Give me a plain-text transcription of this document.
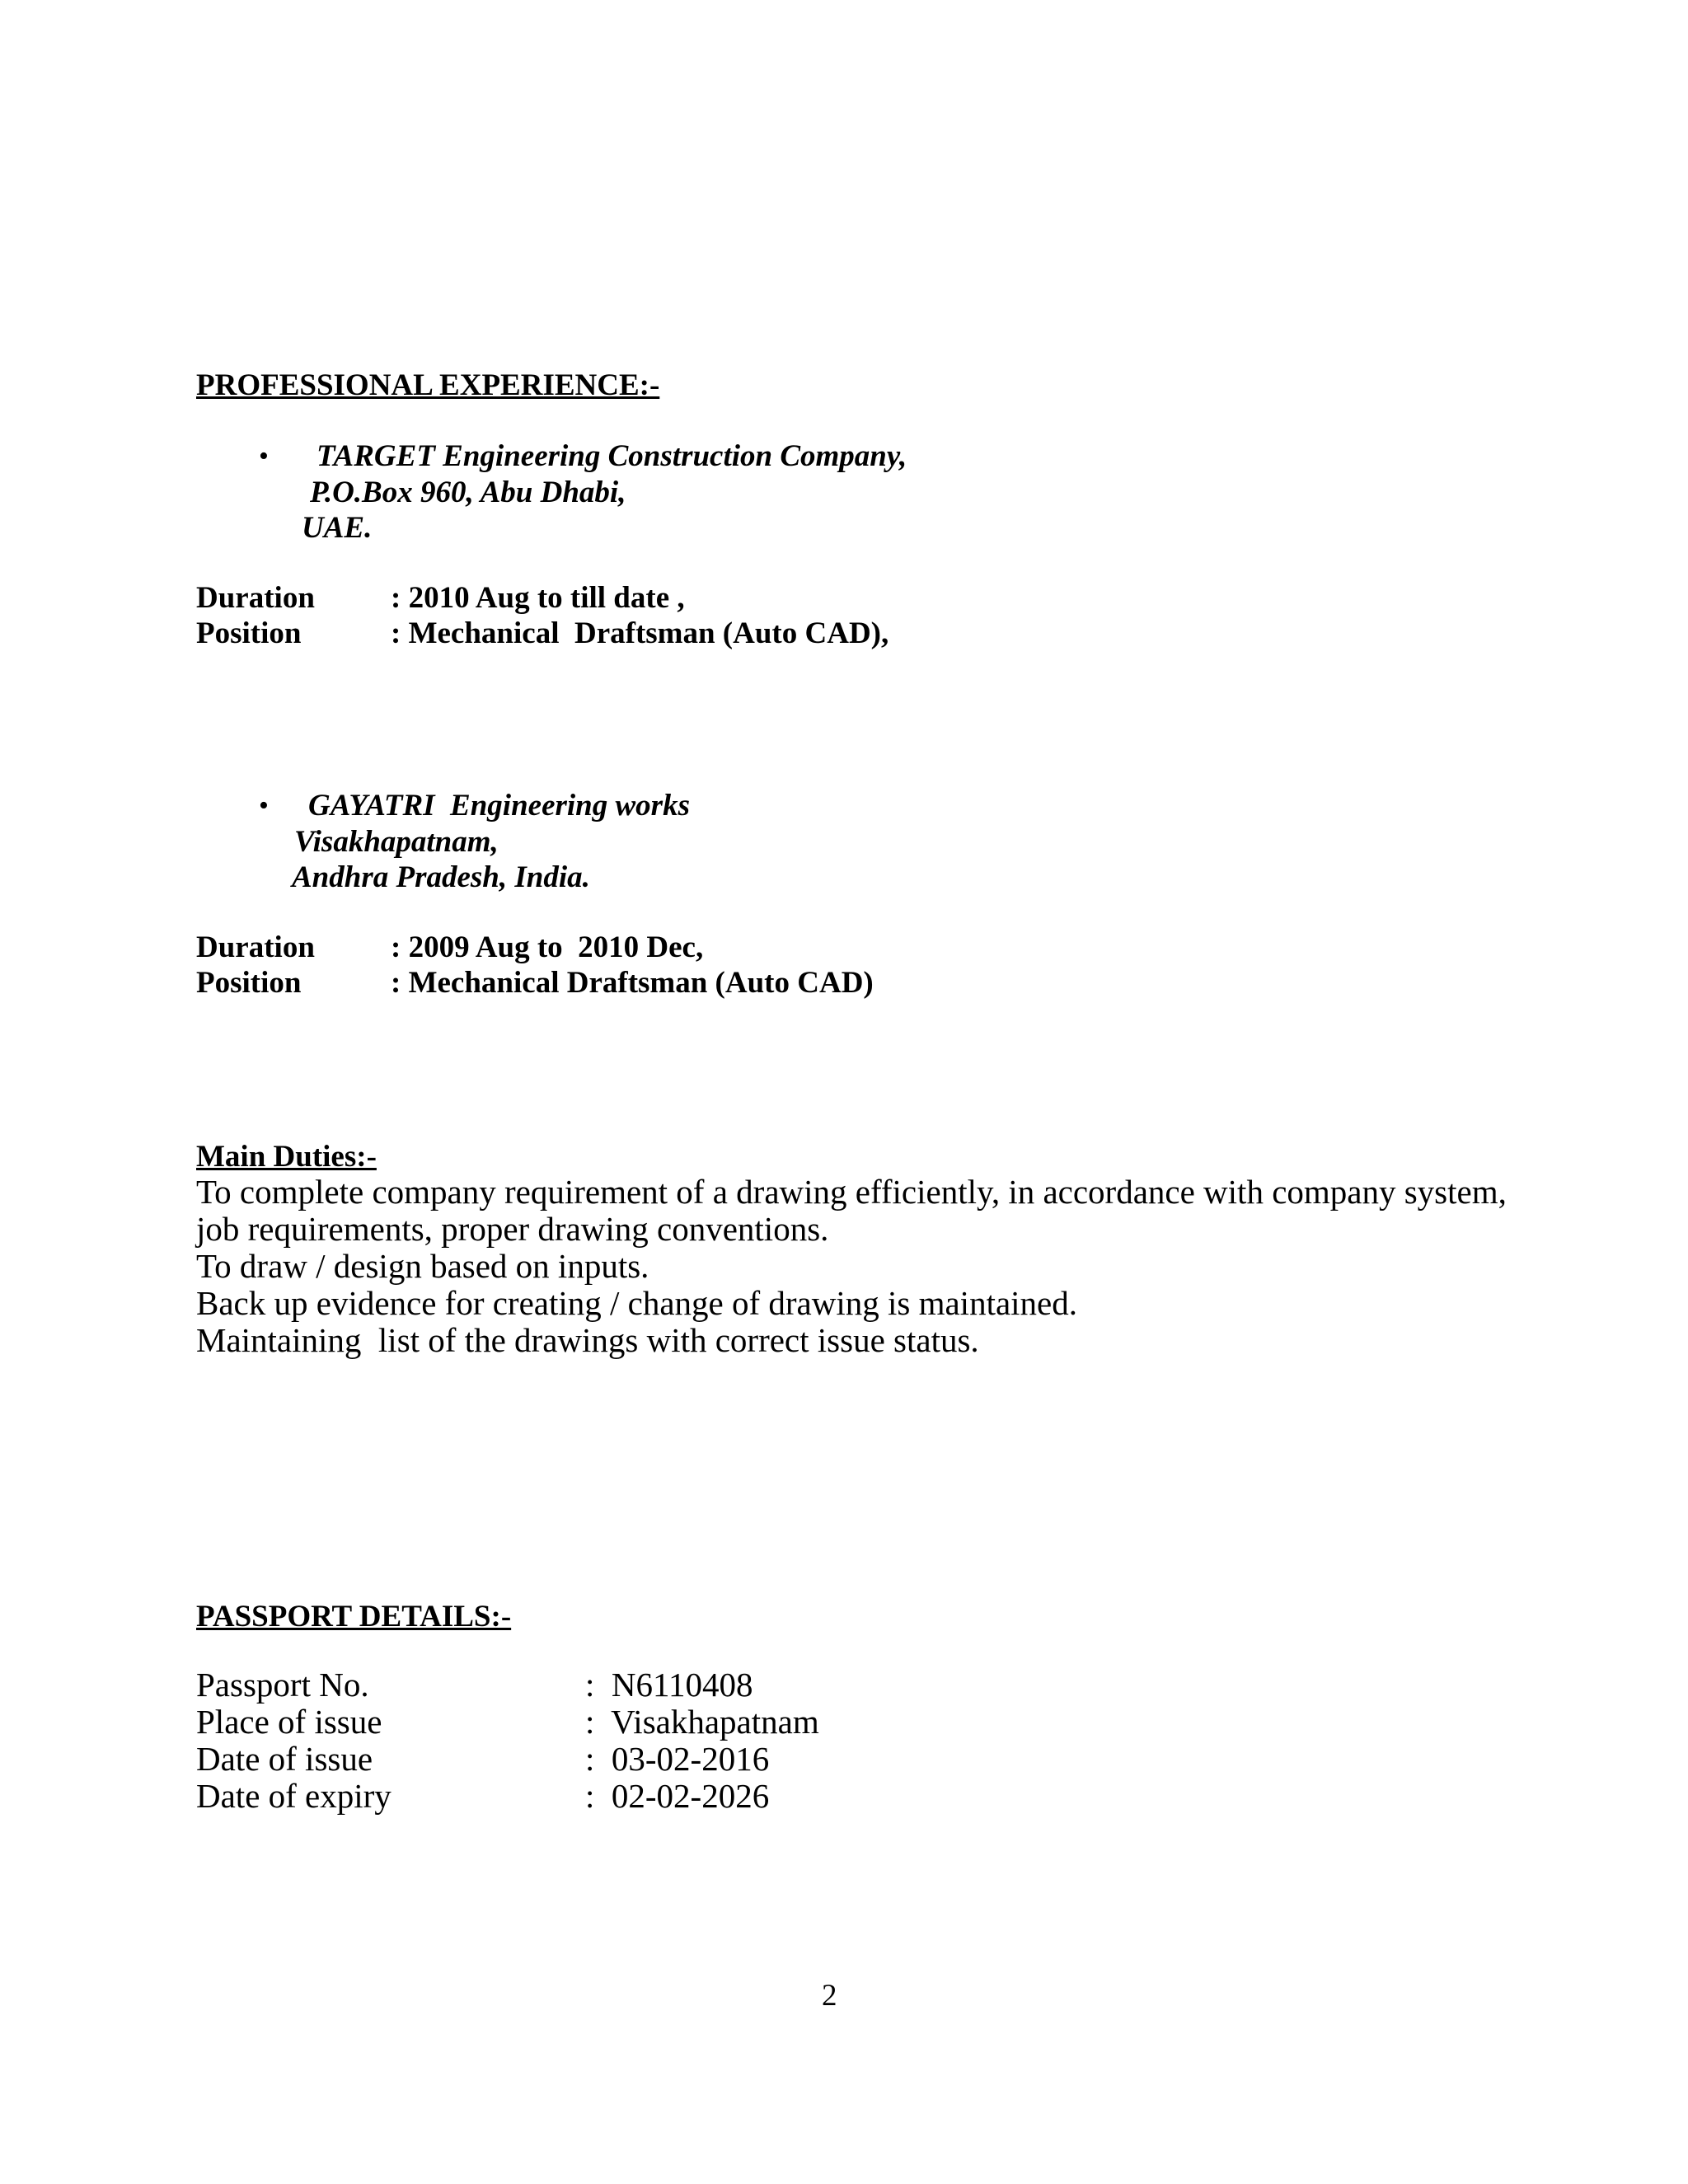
PROFESSIONAL EXPERIENCE:-
• TARGET Engineering Construction Company,
P.O.Box 960, Abu Dhabi,
UAE.
Duration : 2010 Aug to till date ,
Position	: Mechanical  Draftsman (Auto CAD),
• GAYATRI  Engineering works
Visakhapatnam,
Andhra Pradesh, India.
Duration : 2009 Aug to  2010 Dec,
Position	: Mechanical Draftsman (Auto CAD)
Main Duties:-
To complete company requirement of a drawing efficiently, in accordance with company system,
job requirements, proper drawing conventions.
To draw / design based on inputs.
Back up evidence for creating / change of drawing is maintained.
Maintaining  list of the drawings with correct issue status.
PASSPORT DETAILS:-
Passport No.	:  N6110408
Place of issue	:  Visakhapatnam
Date of issue	:  03-02-2016
Date of expiry	:  02-02-2026
2
